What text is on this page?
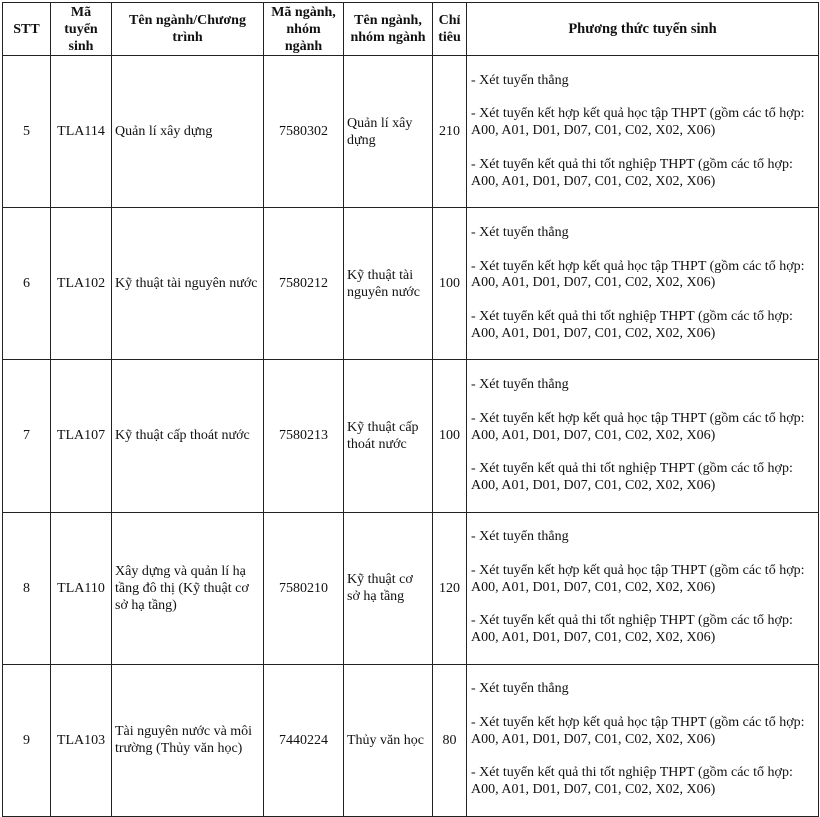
STT	Mã tuyển sinh	Tên ngành/Chương trình	Mã ngành, nhóm ngành	Tên ngành, nhóm ngành	Chỉ tiêu	Phương thức tuyển sinh
5	TLA114	Quản lí xây dựng	7580302	Quản lí xây dựng	210	- Xét tuyển thẳng

- Xét tuyển kết hợp kết quả học tập THPT (gồm các tổ hợp: A00, A01, D01, D07, C01, C02, X02, X06)

- Xét tuyển kết quả thi tốt nghiệp THPT (gồm các tổ hợp: A00, A01, D01, D07, C01, C02, X02, X06)

6	TLA102	Kỹ thuật tài nguyên nước	7580212	Kỹ thuật tài nguyên nước	100	- Xét tuyển thẳng

- Xét tuyển kết hợp kết quả học tập THPT (gồm các tổ hợp: A00, A01, D01, D07, C01, C02, X02, X06)

- Xét tuyển kết quả thi tốt nghiệp THPT (gồm các tổ hợp: A00, A01, D01, D07, C01, C02, X02, X06)

7	TLA107	Kỹ thuật cấp thoát nước	7580213	Kỹ thuật cấp thoát nước	100	- Xét tuyển thẳng

- Xét tuyển kết hợp kết quả học tập THPT (gồm các tổ hợp: A00, A01, D01, D07, C01, C02, X02, X06)

- Xét tuyển kết quả thi tốt nghiệp THPT (gồm các tổ hợp: A00, A01, D01, D07, C01, C02, X02, X06)

8	TLA110	Xây dựng và quản lí hạ tầng đô thị (Kỹ thuật cơ sở hạ tầng)	7580210	Kỹ thuật cơ sở hạ tầng	120	- Xét tuyển thẳng

- Xét tuyển kết hợp kết quả học tập THPT (gồm các tổ hợp: A00, A01, D01, D07, C01, C02, X02, X06)

- Xét tuyển kết quả thi tốt nghiệp THPT (gồm các tổ hợp: A00, A01, D01, D07, C01, C02, X02, X06)

9	TLA103	Tài nguyên nước và môi trường (Thủy văn học)	7440224	Thủy văn học	80	- Xét tuyển thẳng

- Xét tuyển kết hợp kết quả học tập THPT (gồm các tổ hợp: A00, A01, D01, D07, C01, C02, X02, X06)

- Xét tuyển kết quả thi tốt nghiệp THPT (gồm các tổ hợp: A00, A01, D01, D07, C01, C02, X02, X06)
